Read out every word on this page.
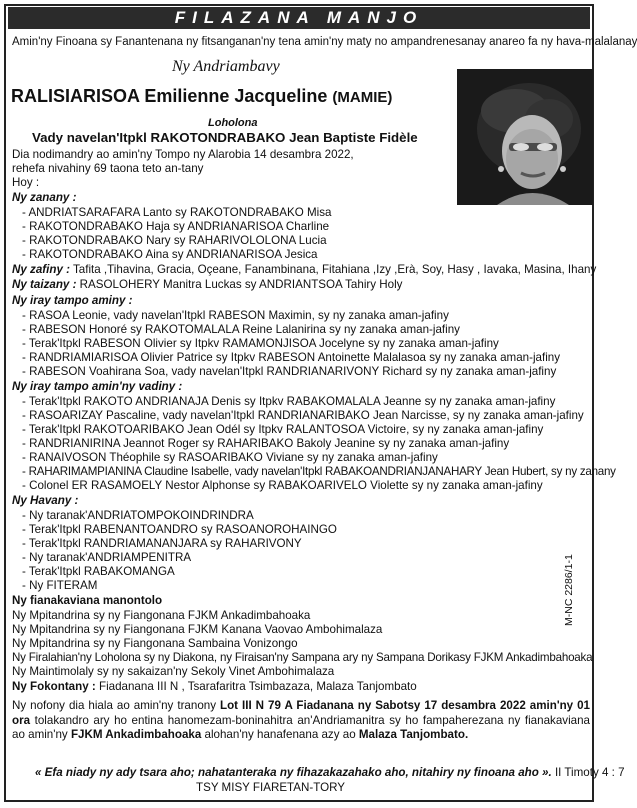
FILAZANA MANJO
Amin'ny Finoana sy Fanantenana ny fitsanganan'ny tena amin'ny maty no ampandrenesanay anareo fa ny hava-malalanay
Ny Andriambavy
RALISIARISOA Emilienne Jacqueline (MAMIE)
Loholona
Vady navelan'Itpkl RAKOTONDRABAKO Jean Baptiste Fidèle
Dia nodimandry ao amin'ny Tompo ny Alarobia 14 desambra 2022,
rehefa nivahiny 69 taona teto an-tany
Hoy :
Ny zanany :
- ANDRIATSARAFARA Lanto sy RAKOTONDRABAKO Misa
- RAKOTONDRABAKO Haja sy ANDRIANARISOA Charline
- RAKOTONDRABAKO Nary sy RAHARIVOLOLONA Lucia
- RAKOTONDRABAKO Aina sy ANDRIANARISOA Jesica
Ny zafiny : Tafita ,Tihavina, Gracia, Oçeane, Fanambinana, Fitahiana ,Izy ,Erà, Soy, Hasy , Iavaka, Masina, Ihany
Ny taizany : RASOLOHERY Manitra Luckas sy ANDRIANTSOA Tahiry Holy
Ny iray tampo aminy :
- RASOA Leonie, vady navelan'Itpkl RABESON Maximin, sy ny zanaka aman-jafiny
- RABESON Honoré sy RAKOTOMALALA Reine Lalanirina sy ny zanaka aman-jafiny
- Terak'Itpkl RABESON Olivier sy Itpkv RAMAMONJISOA Jocelyne sy ny zanaka aman-jafiny
- RANDRIAMIARISOA Olivier Patrice sy Itpkv RABESON Antoinette Malalasoa sy ny zanaka aman-jafiny
- RABESON Voahirana Soa, vady navelan'Itpkl RANDRIANARIVONY Richard sy ny zanaka aman-jafiny
Ny iray tampo amin'ny vadiny :
- Terak'Itpkl RAKOTO ANDRIANAJA Denis sy Itpkv RABAKOMALALA Jeanne sy ny zanaka aman-jafiny
- RASOARIZAY Pascaline, vady navelan'Itpkl RANDRIANARIBAKO Jean Narcisse, sy ny zanaka aman-jafiny
- Terak'Itpkl RAKOTOARIBAKO Jean Odél sy Itpkv RALANTOSOA Victoire, sy ny zanaka aman-jafiny
- RANDRIANIRINA Jeannot Roger sy RAHARIBAKO Bakoly Jeanine sy ny zanaka aman-jafiny
- RANAIVOSON Théophile sy RASOARIBAKO Viviane sy ny zanaka aman-jafiny
- RAHARIMAMPIANINA Claudine Isabelle, vady navelan'Itpkl RABAKOANDRIANJANAHARY Jean Hubert, sy ny zanany
- Colonel ER RASAMOELY Nestor Alphonse sy RABAKOARIVELO Violette sy ny zanaka aman-jafiny
Ny Havany :
- Ny taranak'ANDRIATOMPOKOINDRINDRA
- Terak'Itpkl RABENANTOANDRO sy RASOANOROHAINGO
- Terak'Itpkl RANDRIAMANANJARA sy RAHARIVONY
- Ny taranak'ANDRIAMPENITRA
- Terak'Itpkl RABAKOMANGA
- Ny FITERAM
Ny fianakaviana manontolo
Ny Mpitandrina sy ny Fiangonana FJKM Ankadimbahoaka
Ny Mpitandrina sy ny Fiangonana FJKM Kanana Vaovao Ambohimalaza
Ny Mpitandrina sy ny Fiangonana Sambaina Vonizongo
Ny Firalahian'ny Loholona sy ny Diakona, ny Firaisan'ny Sampana ary ny Sampana Dorikasy FJKM Ankadimbahoaka
Ny Maintimolaly sy ny sakaizan'ny Sekoly Vinet Ambohimalaza
Ny Fokontany : Fiadanana III N , Tsarafaritra Tsimbazaza, Malaza Tanjombato
M-NC 2286/1-1
Ny nofony dia hiala ao amin'ny tranony Lot III N 79 A Fiadanana ny Sabotsy 17 desambra 2022 amin'ny 01 ora tolakandro ary ho entina hanomezam-boninahitra an'Andriamanitra sy ho fampaherezana ny fianakaviana ao amin'ny FJKM Ankadimbahoaka alohan'ny hanafenana azy ao Malaza Tanjombato.
« Efa niady ny ady tsara aho; nahatanteraka ny fihazakazahako aho, nitahiry ny finoana aho ». II Timoty 4 : 7
TSY MISY FIARETAN-TORY
